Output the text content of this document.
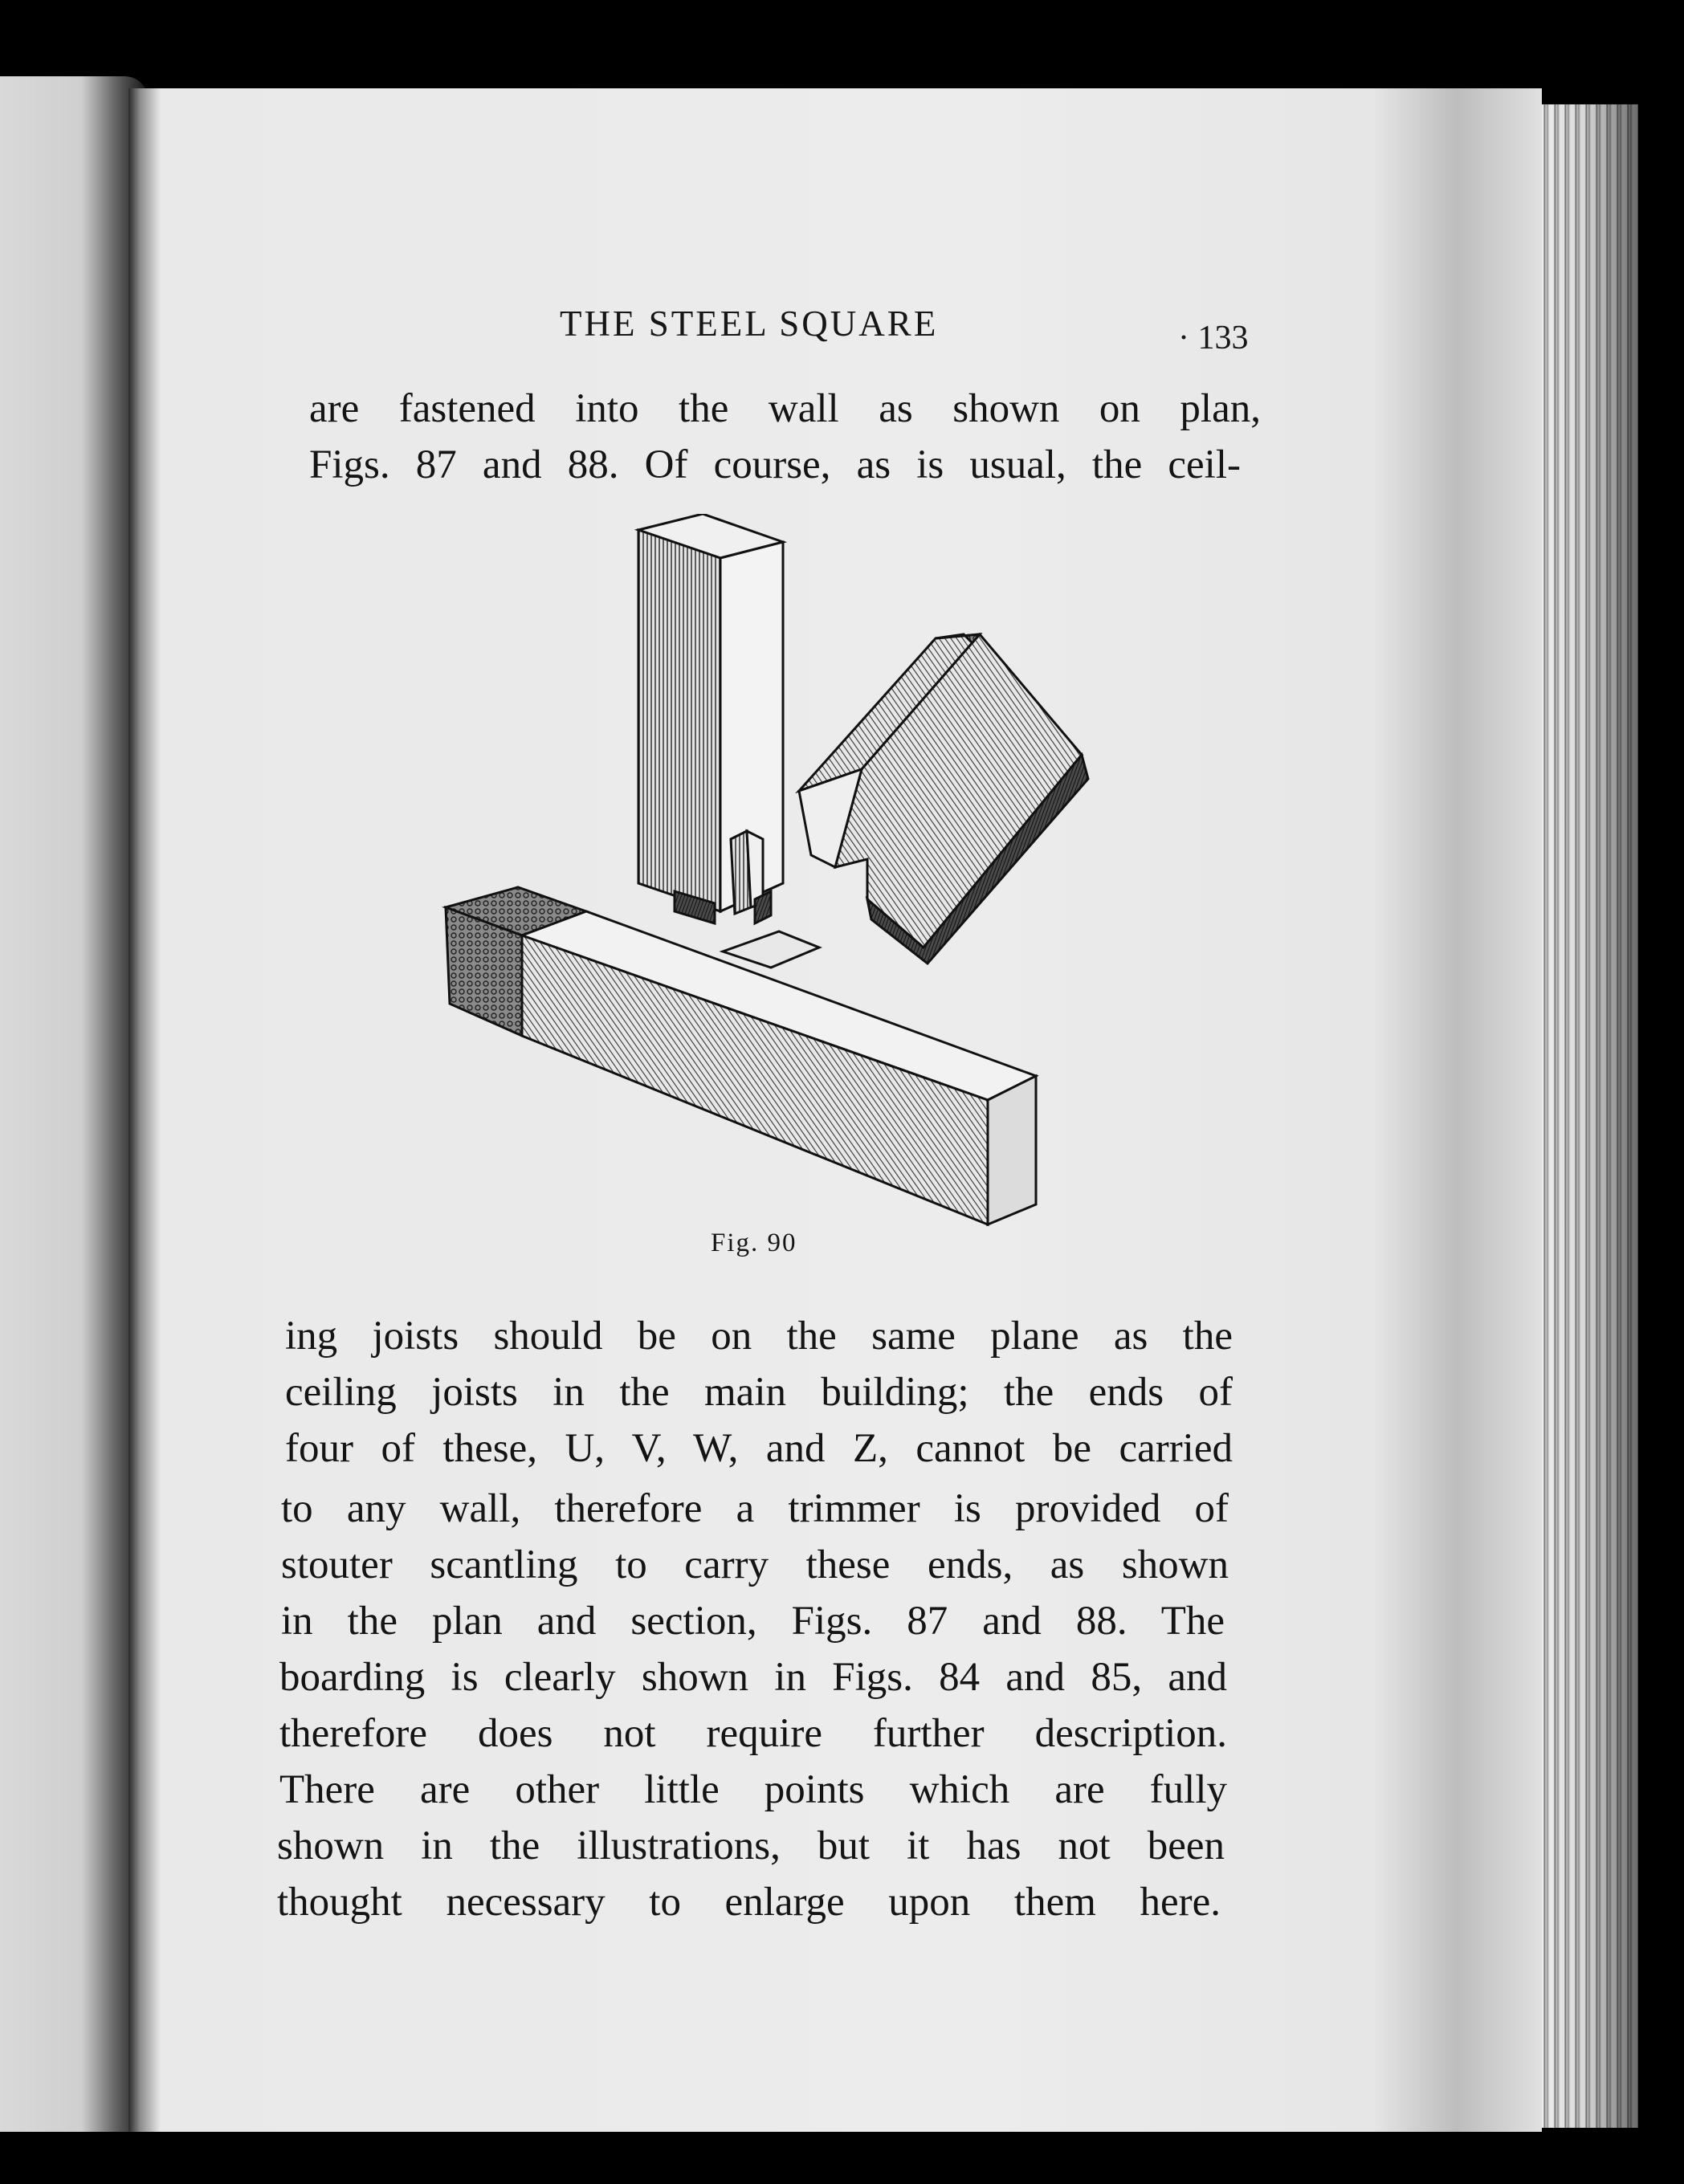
THE STEEL SQUARE	· 133
are fastened into the wall as shown on plan,
Figs. 87 and 88. Of course, as is usual, the ceil-
Fig. 90
ing joists should be on the same plane as the
ceiling joists in the main building; the ends of
four of these, U, V, W, and Z, cannot be carried
to any wall, therefore a trimmer is provided of
stouter scantling to carry these ends, as shown
in the plan and section, Figs. 87 and 88. The
boarding is clearly shown in Figs. 84 and 85, and
therefore does not require further description.
There are other little points which are fully
shown in the illustrations, but it has not been
thought necessary to enlarge upon them here.
